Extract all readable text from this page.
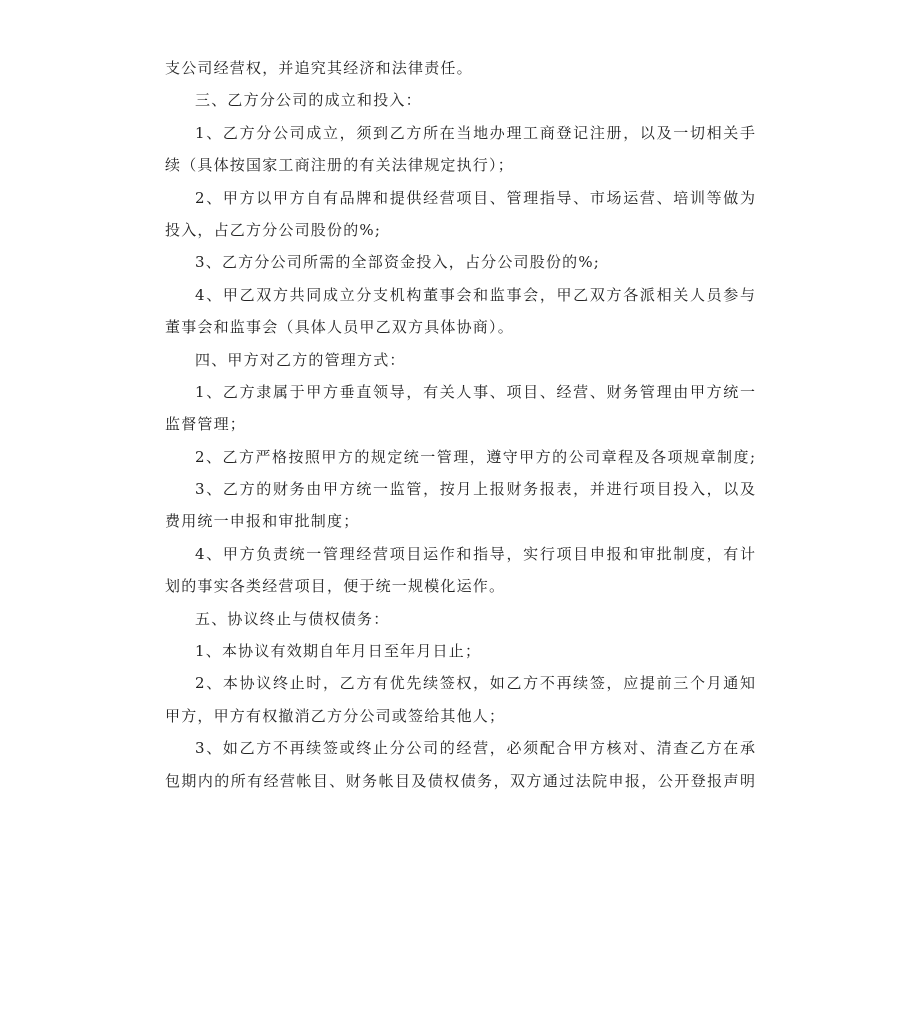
支公司经营权，并追究其经济和法律责任。
三、乙方分公司的成立和投入：
1、乙方分公司成立，须到乙方所在当地办理工商登记注册，以及一切相关手
续（具体按国家工商注册的有关法律规定执行）；
2、甲方以甲方自有品牌和提供经营项目、管理指导、市场运营、培训等做为
投入，占乙方分公司股份的%;
3、乙方分公司所需的全部资金投入，占分公司股份的%;
4、甲乙双方共同成立分支机构董事会和监事会，甲乙双方各派相关人员参与
董事会和监事会（具体人员甲乙双方具体协商）。
四、甲方对乙方的管理方式：
1、乙方隶属于甲方垂直领导，有关人事、项目、经营、财务管理由甲方统一
监督管理；
2、乙方严格按照甲方的规定统一管理，遵守甲方的公司章程及各项规章制度;
3、乙方的财务由甲方统一监管，按月上报财务报表，并进行项目投入，以及
费用统一申报和审批制度；
4、甲方负责统一管理经营项目运作和指导，实行项目申报和审批制度，有计
划的事实各类经营项目，便于统一规模化运作。
五、协议终止与债权债务：
1、本协议有效期自年月日至年月日止；
2、本协议终止时，乙方有优先续签权，如乙方不再续签，应提前三个月通知
甲方，甲方有权撤消乙方分公司或签给其他人；
3、如乙方不再续签或终止分公司的经营，必须配合甲方核对、清查乙方在承
包期内的所有经营帐目、财务帐目及债权债务，双方通过法院申报，公开登报声明
